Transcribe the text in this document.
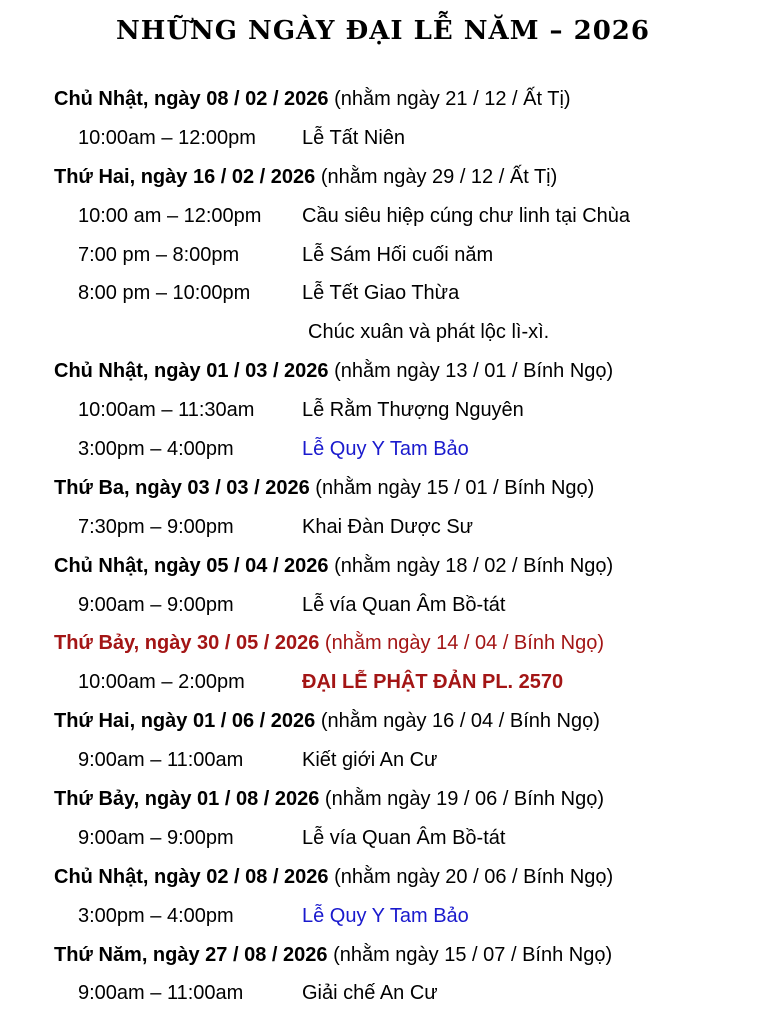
NHỮNG NGÀY ĐẠI LỄ NĂM – 2026
Chủ Nhật, ngày 08 / 02 / 2026 (nhằm ngày 21 / 12 / Ất Tị)
10:00am – 12:00pm Lễ Tất Niên
Thứ Hai, ngày 16 / 02 / 2026 (nhằm ngày 29 / 12 / Ất Tị)
10:00 am – 12:00pm Cầu siêu hiệp cúng chư linh tại Chùa
7:00 pm – 8:00pm	Lễ Sám Hối cuối năm
8:00 pm – 10:00pm	Lễ Tết Giao Thừa
Chúc xuân và phát lộc lì-xì.
Chủ Nhật, ngày 01 / 03 / 2026 (nhằm ngày 13 / 01 / Bính Ngọ)
10:00am – 11:30am Lễ Rằm Thượng Nguyên
3:00pm – 4:00pm	Lễ Quy Y Tam Bảo
Thứ Ba, ngày 03 / 03 / 2026 (nhằm ngày 15 / 01 / Bính Ngọ)
7:30pm – 9:00pm	Khai Đàn Dược Sư
Chủ Nhật, ngày 05 / 04 / 2026 (nhằm ngày 18 / 02 / Bính Ngọ)
9:00am – 9:00pm	Lễ vía Quan Âm Bồ-tát
Thứ Bảy, ngày 30 / 05 / 2026 (nhằm ngày 14 / 04 / Bính Ngọ)
10:00am – 2:00pm	ĐẠI LỄ PHẬT ĐẢN PL. 2570
Thứ Hai, ngày 01 / 06 / 2026 (nhằm ngày 16 / 04 / Bính Ngọ)
9:00am – 11:00am	Kiết giới An Cư
Thứ Bảy, ngày 01 / 08 / 2026 (nhằm ngày 19 / 06 / Bính Ngọ)
9:00am – 9:00pm	Lễ vía Quan Âm Bồ-tát
Chủ Nhật, ngày 02 / 08 / 2026 (nhằm ngày 20 / 06 / Bính Ngọ)
3:00pm – 4:00pm	Lễ Quy Y Tam Bảo
Thứ Năm, ngày 27 / 08 / 2026 (nhằm ngày 15 / 07 / Bính Ngọ)
9:00am – 11:00am	Giải chế An Cư
